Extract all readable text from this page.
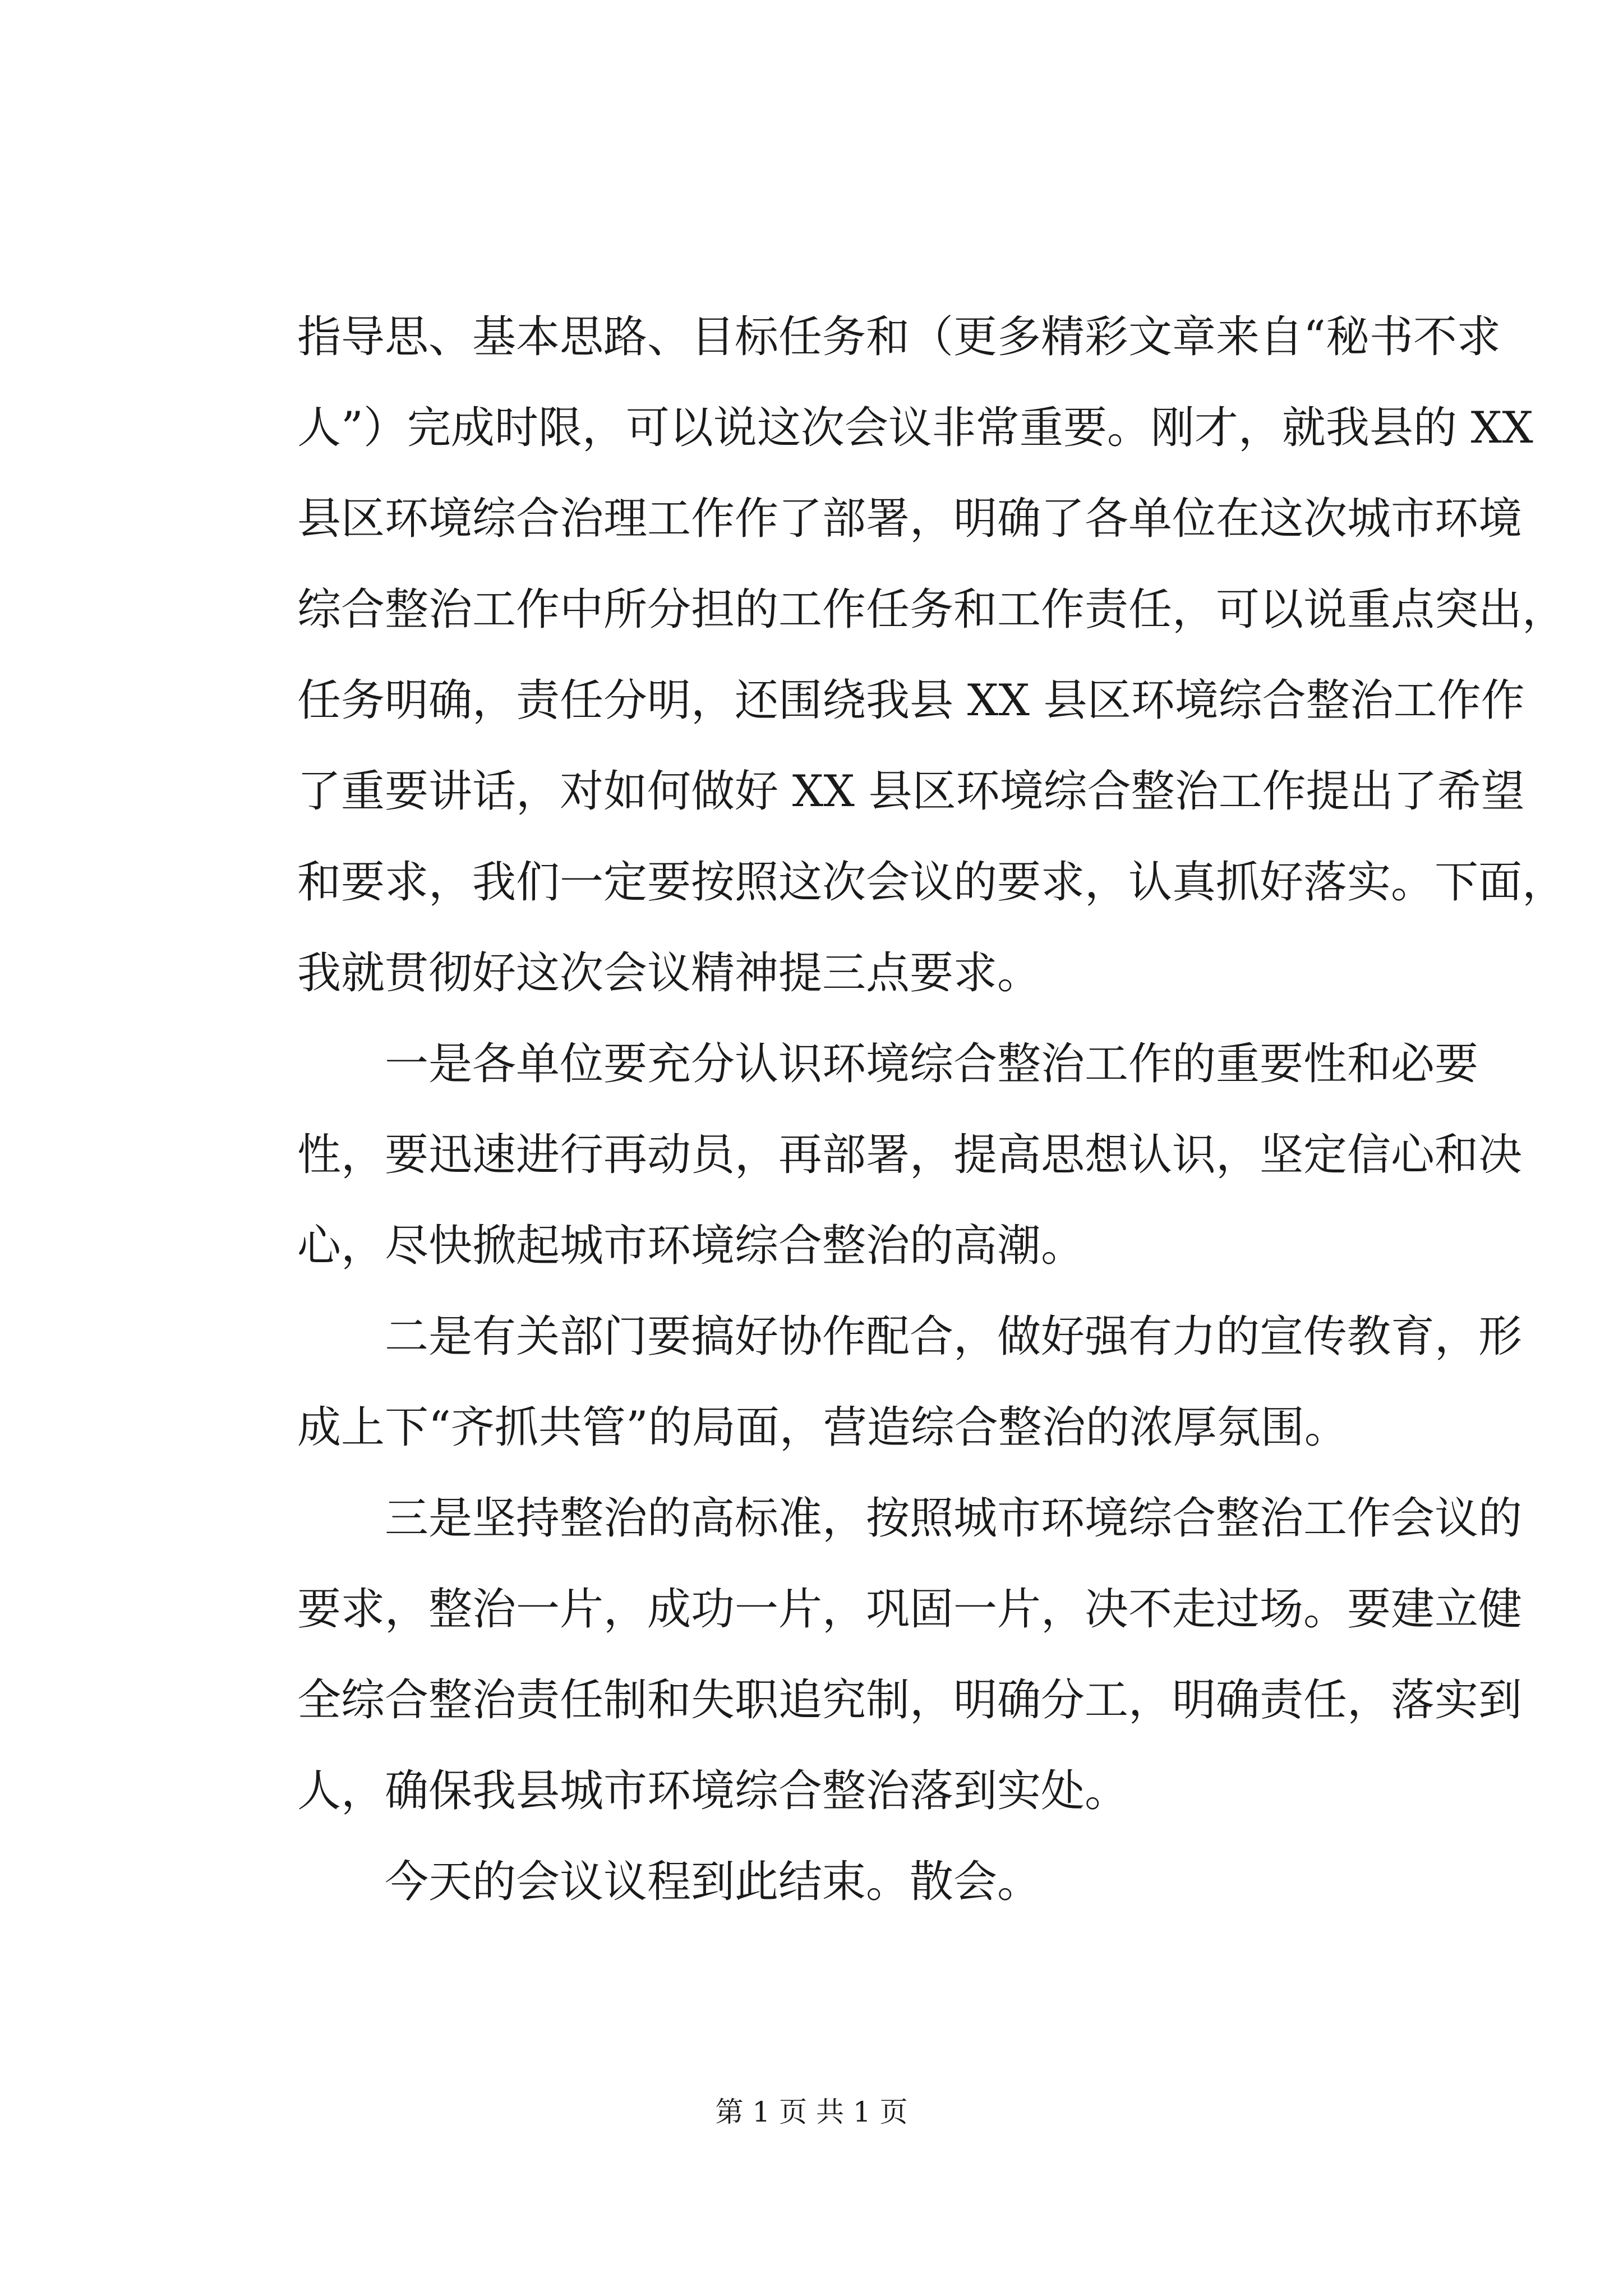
指导思、基本思路、目标任务和（更多精彩文章来自“秘书不求
人”）完成时限，可以说这次会议非常重要。刚才，就我县的 XX
县区环境综合治理工作作了部署，明确了各单位在这次城市环境
综合整治工作中所分担的工作任务和工作责任，可以说重点突出，
任务明确，责任分明，还围绕我县 XX 县区环境综合整治工作作
了重要讲话，对如何做好 XX 县区环境综合整治工作提出了希望
和要求，我们一定要按照这次会议的要求，认真抓好落实。下面，
我就贯彻好这次会议精神提三点要求。
一是各单位要充分认识环境综合整治工作的重要性和必要
性，要迅速进行再动员，再部署，提高思想认识，坚定信心和决
心，尽快掀起城市环境综合整治的高潮。
二是有关部门要搞好协作配合，做好强有力的宣传教育，形
成上下“齐抓共管”的局面，营造综合整治的浓厚氛围。
三是坚持整治的高标准，按照城市环境综合整治工作会议的
要求，整治一片，成功一片，巩固一片，决不走过场。要建立健
全综合整治责任制和失职追究制，明确分工，明确责任，落实到
人，确保我县城市环境综合整治落到实处。
今天的会议议程到此结束。散会。
第 1 页 共 1 页
